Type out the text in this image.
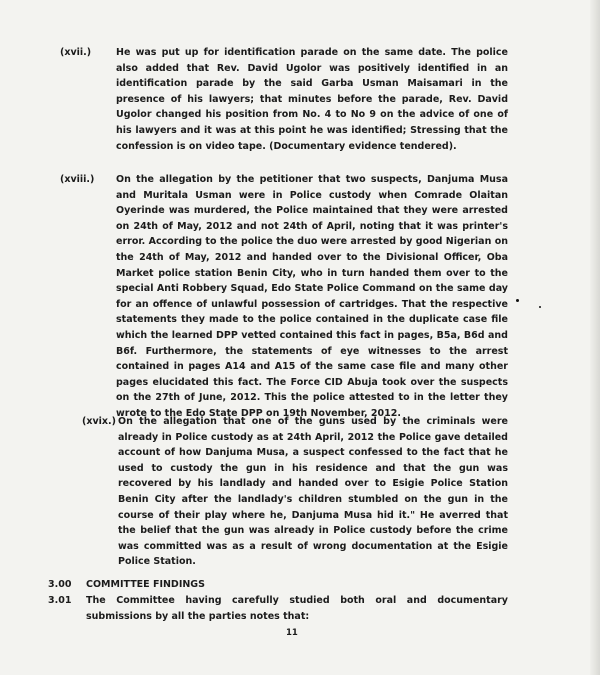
(xvii.)	He was put up for identification parade on the same date. The police also added that Rev. David Ugolor was positively identified in an identification parade by the said Garba Usman Maisamari in the presence of his lawyers; that minutes before the parade, Rev. David Ugolor changed his position from No. 4 to No 9 on the advice of one of his lawyers and it was at this point he was identified; Stressing that the confession is on video tape. (Documentary evidence tendered).
(xviii.) On the allegation by the petitioner that two suspects, Danjuma Musa and Muritala Usman were in Police custody when Comrade Olaitan Oyerinde was murdered, the Police maintained that they were arrested on 24th of May, 2012 and not 24th of April, noting that it was printer's error. According to the police the duo were arrested by good Nigerian on the 24th of May, 2012 and handed over to the Divisional Officer, Oba Market police station Benin City, who in turn handed them over to the special Anti Robbery Squad, Edo State Police Command on the same day for an offence of unlawful possession of cartridges. That the respective statements they made to the police contained in the duplicate case file which the learned DPP vetted contained this fact in pages, B5a, B6d and B6f. Furthermore, the statements of eye witnesses to the arrest contained in pages A14 and A15 of the same case file and many other pages elucidated this fact. The Force CID Abuja took over the suspects on the 27th of June, 2012. This the police attested to in the letter they wrote to the Edo State DPP on 19th November, 2012.
(xvix.) On the allegation that one of the guns used by the criminals were already in Police custody as at 24th April, 2012 the Police gave detailed account of how Danjuma Musa, a suspect confessed to the fact that he used to custody the gun in his residence and that the gun was recovered by his landlady and handed over to Esigie Police Station Benin City after the landlady's children stumbled on the gun in the course of their play where he, Danjuma Musa hid it." He averred that the belief that the gun was already in Police custody before the crime was committed was as a result of wrong documentation at the Esigie Police Station.
3.00 COMMITTEE FINDINGS
3.01 The Committee having carefully studied both oral and documentary submissions by all the parties notes that:
11
